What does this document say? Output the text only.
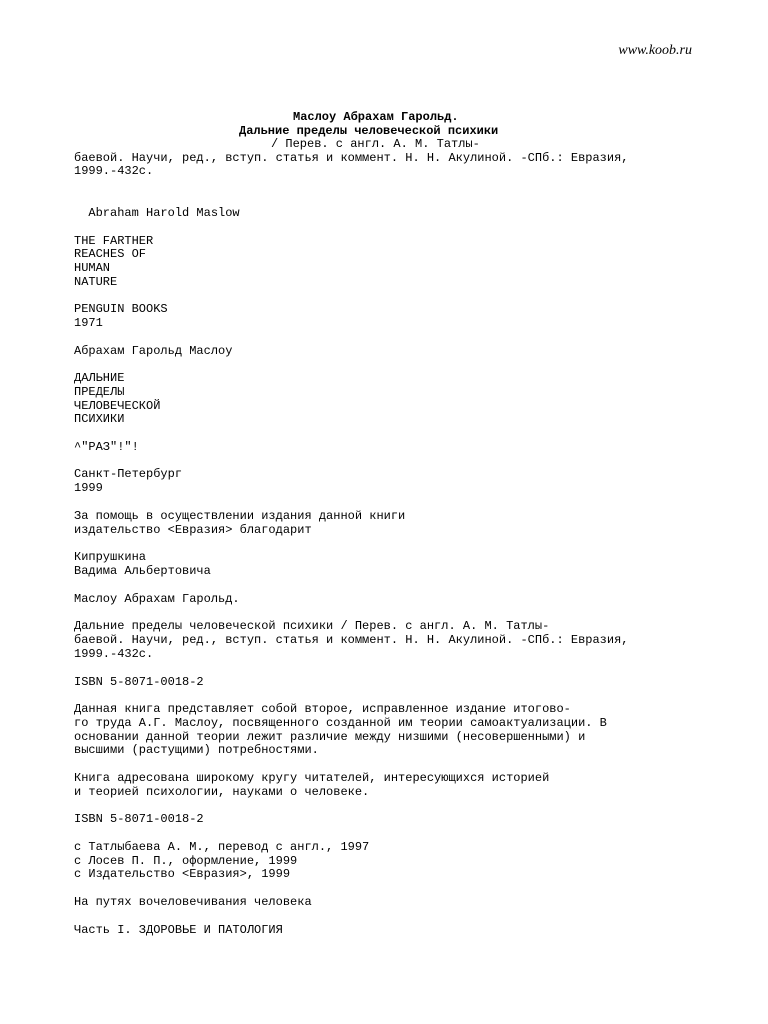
www.koob.ru
Маслоу Абрахам Гарольд.
Дальние пределы человеческой психики
/ Перев. с англ. А. М. Татлы-
баевой. Научи, ред., вступ. статья и коммент. Н. Н. Акулиной. -СПб.: Евразия,
1999.-432с.
Abraham Harold Maslow
THE FARTHER
REACHES OF
HUMAN
NATURE
PENGUIN BOOKS
1971
Абрахам Гарольд Маслоу
ДАЛЬНИЕ
ПРЕДЕЛЫ
ЧЕЛОВЕЧЕСКОЙ
ПСИХИКИ
^"РАЗ"!"!
Санкт-Петербург
1999
За помощь в осуществлении издания данной книги
издательство <Евразия> благодарит
Кипрушкина
Вадима Альбертовича
Маслоу Абрахам Гарольд.
Дальние пределы человеческой психики / Перев. с англ. А. М. Татлы-
баевой. Научи, ред., вступ. статья и коммент. Н. Н. Акулиной. -СПб.: Евразия,
1999.-432с.
ISBN 5-8071-0018-2
Данная книга представляет собой второе, исправленное издание итогово-
го труда А.Г. Маслоу, посвященного созданной им теории самоактуализации. В
основании данной теории лежит различие между низшими (несовершенными) и
высшими (растущими) потребностями.
Книга адресована широкому кругу читателей, интересующихся историей
и теорией психологии, науками о человеке.
ISBN 5-8071-0018-2
с Татлыбаева А. М., перевод с англ., 1997
с Лосев П. П., оформление, 1999
с Издательство <Евразия>, 1999
На путях вочеловечивания человека
Часть I. ЗДОРОВЬЕ И ПАТОЛОГИЯ
